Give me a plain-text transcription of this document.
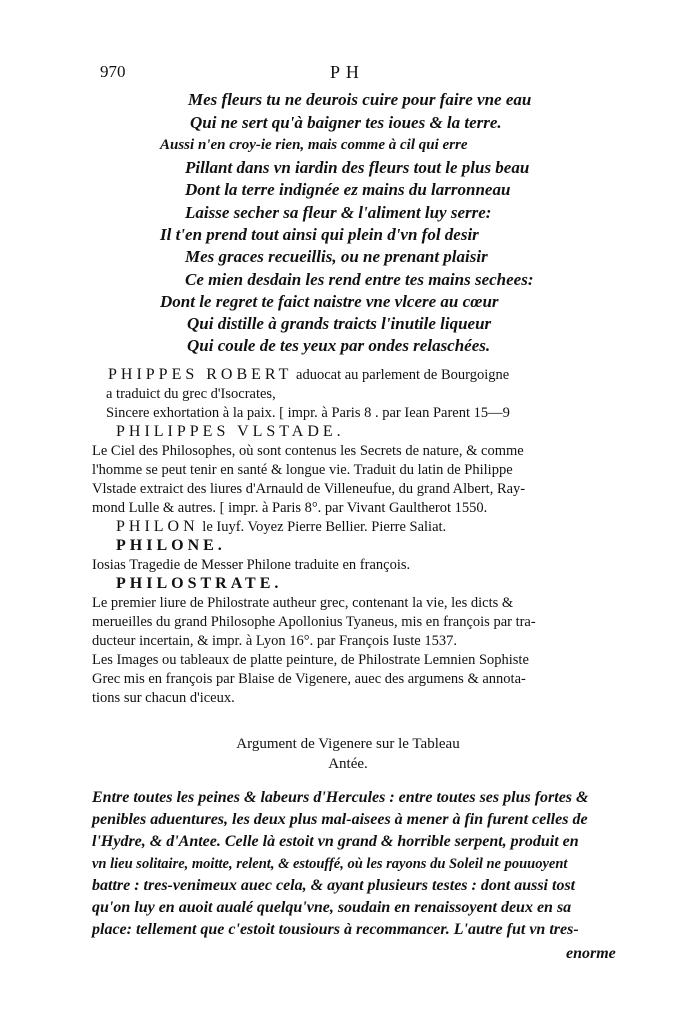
970	P H
Mes fleurs tu ne deurois cuire pour faire vne eau
Qui ne sert qu'à baigner tes ioues & la terre.
Aussi n'en croy-ie rien, mais comme à cil qui erre
Pillant dans vn iardin des fleurs tout le plus beau
Dont la terre indignée ez mains du larronneau
Laisse secher sa fleur & l'aliment luy serre:
Il t'en prend tout ainsi qui plein d'vn fol desir
Mes graces recueillis, ou ne prenant plaisir
Ce mien desdain les rend entre tes mains sechees:
Dont le regret te faict naistre vne vlcere au cœur
Qui distille à grands traicts l'inutile liqueur
Qui coule de tes yeux par ondes relaschées.
PHIPPES ROBERT aduocat au parlement de Bourgoigne
a traduict du grec d'Isocrates,
Sincere exhortation à la paix. [ impr. à Paris 8 . par Iean Parent 15—9
PHILIPPES VLSTADE.
Le Ciel des Philosophes, où sont contenus les Secrets de nature, & comme
l'homme se peut tenir en santé & longue vie. Traduit du latin de Philippe
Vlstade extraict des liures d'Arnauld de Villeneufue, du grand Albert, Ray-
mond Lulle & autres. [ impr. à Paris 8°. par Vivant Gaultherot 1550.
PHILON le Iuyf. Voyez Pierre Bellier. Pierre Saliat.
PHILONE.
Iosias Tragedie de Messer Philone traduite en françois.
PHILOSTRATE.
Le premier liure de Philostrate autheur grec, contenant la vie, les dicts &
merueilles du grand Philosophe Apollonius Tyaneus, mis en françois par tra-
ducteur incertain, & impr. à Lyon 16°. par François Iuste 1537.
Les Images ou tableaux de platte peinture, de Philostrate Lemnien Sophiste
Grec mis en françois par Blaise de Vigenere, auec des argumens & annota-
tions sur chacun d'iceux.
Argument de Vigenere sur le Tableau
Antée.
Entre toutes les peines & labeurs d'Hercules : entre toutes ses plus fortes &
penibles aduentures, les deux plus mal-aisees à mener à fin furent celles de
l'Hydre, & d'Antee. Celle là estoit vn grand & horrible serpent, produit en
vn lieu solitaire, moitte, relent, & estouffé, où les rayons du Soleil ne pouuoyent
battre : tres-venimeux auec cela, & ayant plusieurs testes : dont aussi tost
qu'on luy en auoit aualé quelqu'vne, soudain en renaissoyent deux en sa
place: tellement que c'estoit tousiours à recommancer. L'autre fut vn tres-
enorme
